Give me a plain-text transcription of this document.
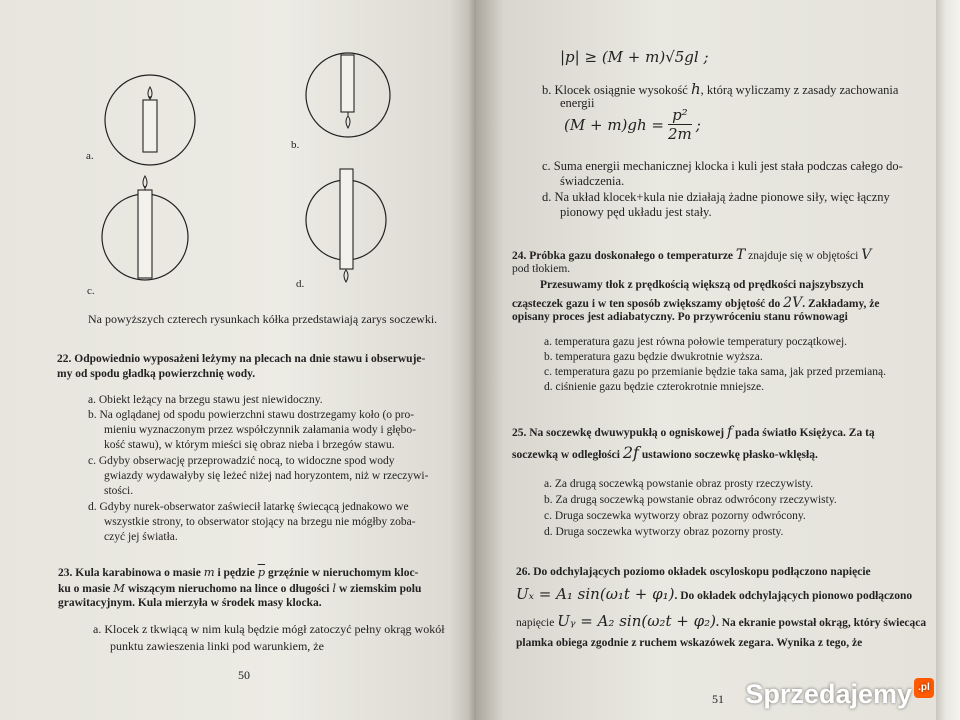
a.
b.
c.
d.
Na powyższych czterech rysunkach kółka przedstawiają zarys soczewki.
22. Odpowiednio wyposażeni leżymy na plecach na dnie stawu i obserwuje-
my od spodu gładką powierzchnię wody.
a. Obiekt leżący na brzegu stawu jest niewidoczny.
b. Na oglądanej od spodu powierzchni stawu dostrzegamy koło (o pro-
mieniu wyznaczonym przez współczynnik załamania wody i głębo-
kość stawu), w którym mieści się obraz nieba i brzegów stawu.
c. Gdyby obserwację przeprowadzić nocą, to widoczne spod wody
gwiazdy wydawałyby się leżeć niżej nad horyzontem, niż w rzeczywi-
stości.
d. Gdyby nurek-obserwator zaświecił latarkę świecącą jednakowo we
wszystkie strony, to obserwator stojący na brzegu nie mógłby zoba-
czyć jej światła.
23. Kula karabinowa o masie m i pędzie $\overline{p}$ grzęźnie w nieruchomym kloc-
ku o masie M wiszącym nieruchomo na lince o długości l w ziemskim polu
grawitacyjnym. Kula mierzyła w środek masy klocka.
a. Klocek z tkwiącą w nim kulą będzie mógł zatoczyć pełny okrąg wokół
punktu zawieszenia linki pod warunkiem, że
50
|p| ≥ (M + m)√5gl ;
b. Klocek osiągnie wysokość h, którą wyliczamy z zasady zachowania
energii
$(M + m)gh = \frac{\text{p²}}{2m}$ ;
c. Suma energii mechanicznej klocka i kuli jest stała podczas całego do-
świadczenia.
d. Na układ klocek+kula nie działają żadne pionowe siły, więc łączny
pionowy pęd układu jest stały.
24. Próbka gazu doskonałego o temperaturze T znajduje się w objętości V
pod tłokiem.
Przesuwamy tłok z prędkością większą od prędkości najszybszych
cząsteczek gazu i w ten sposób zwiększamy objętość do 2V. Zakładamy, że
opisany proces jest adiabatyczny. Po przywróceniu stanu równowagi
a. temperatura gazu jest równa połowie temperatury początkowej.
b. temperatura gazu będzie dwukrotnie wyższa.
c. temperatura gazu po przemianie będzie taka sama, jak przed przemianą.
d. ciśnienie gazu będzie czterokrotnie mniejsze.
25. Na soczewkę dwuwypukłą o ogniskowej f pada światło Księżyca. Za tą
soczewką w odległości 2f ustawiono soczewkę płasko-wklęsłą.
a. Za drugą soczewką powstanie obraz prosty rzeczywisty.
b. Za drugą soczewką powstanie obraz odwrócony rzeczywisty.
c. Druga soczewka wytworzy obraz pozorny odwrócony.
d. Druga soczewka wytworzy obraz pozorny prosty.
26. Do odchylających poziomo okładek oscyloskopu podłączono napięcie
Uₓ = A₁ sin(ω₁t + φ₁). Do okładek odchylających pionowo podłączono
napięcie Uᵧ = A₂ sin(ω₂t + φ₂). Na ekranie powstał okrąg, który świecąca
plamka obiega zgodnie z ruchem wskazówek zegara. Wynika z tego, że
51 Sprzedajemy .pl
